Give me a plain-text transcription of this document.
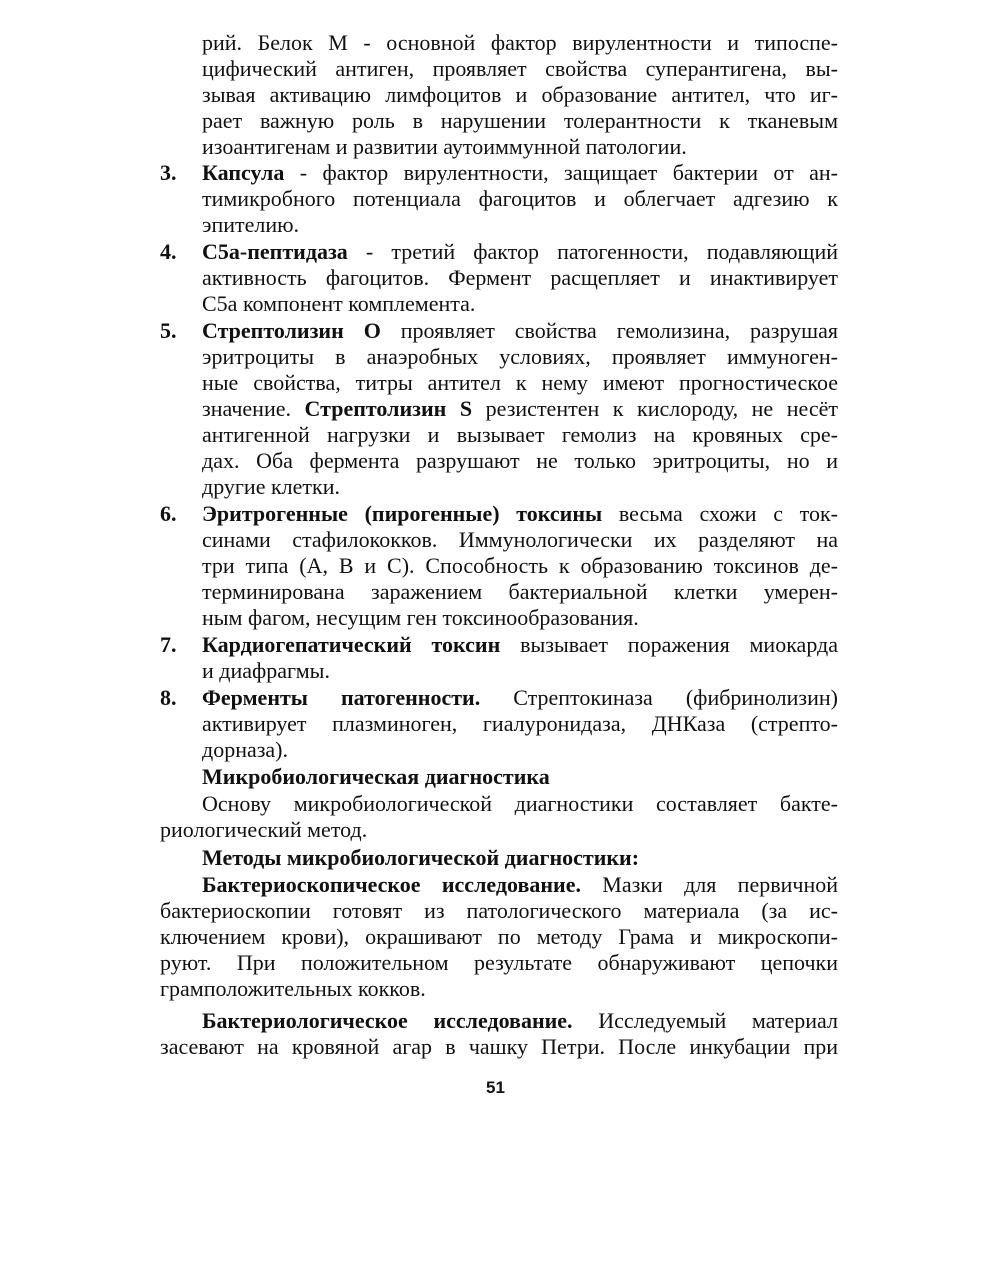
рий. Белок М - основной фактор вирулентности и типоспе-
цифический антиген, проявляет свойства суперантигена, вы-
зывая активацию лимфоцитов и образование антител, что иг-
рает важную роль в нарушении толерантности к тканевым
изоантигенам и развитии аутоиммунной патологии.
3. Капсула - фактор вирулентности, защищает бактерии от ан-
тимикробного потенциала фагоцитов и облегчает адгезию к
эпителию.
4. С5а-пептидаза - третий фактор патогенности, подавляющий
активность фагоцитов. Фермент расщепляет и инактивирует
С5а компонент комплемента.
5. Стрептолизин О проявляет свойства гемолизина, разрушая
эритроциты в анаэробных условиях, проявляет иммуноген-
ные свойства, титры антител к нему имеют прогностическое
значение. Стрептолизин S резистентен к кислороду, не несёт
антигенной нагрузки и вызывает гемолиз на кровяных сре-
дах. Оба фермента разрушают не только эритроциты, но и
другие клетки.
6. Эритрогенные (пирогенные) токсины весьма схожи с ток-
синами стафилококков. Иммунологически их разделяют на
три типа (А, В и С). Способность к образованию токсинов де-
терминирована заражением бактериальной клетки умерен-
ным фагом, несущим ген токсинообразования.
7. Кардиогепатический токсин вызывает поражения миокарда
и диафрагмы.
8. Ферменты патогенности. Стрептокиназа (фибринолизин)
активирует плазминоген, гиалуронидаза, ДНКаза (стрепто-
дорназа).
Микробиологическая диагностика
Основу микробиологической диагностики составляет бакте-
риологический метод.
Методы микробиологической диагностики:
Бактериоскопическое исследование. Мазки для первичной
бактериоскопии готовят из патологического материала (за ис-
ключением крови), окрашивают по методу Грама и микроскопи-
руют. При положительном результате обнаруживают цепочки
грамположительных кокков.
Бактериологическое исследование. Исследуемый материал
засевают на кровяной агар в чашку Петри. После инкубации при
51
